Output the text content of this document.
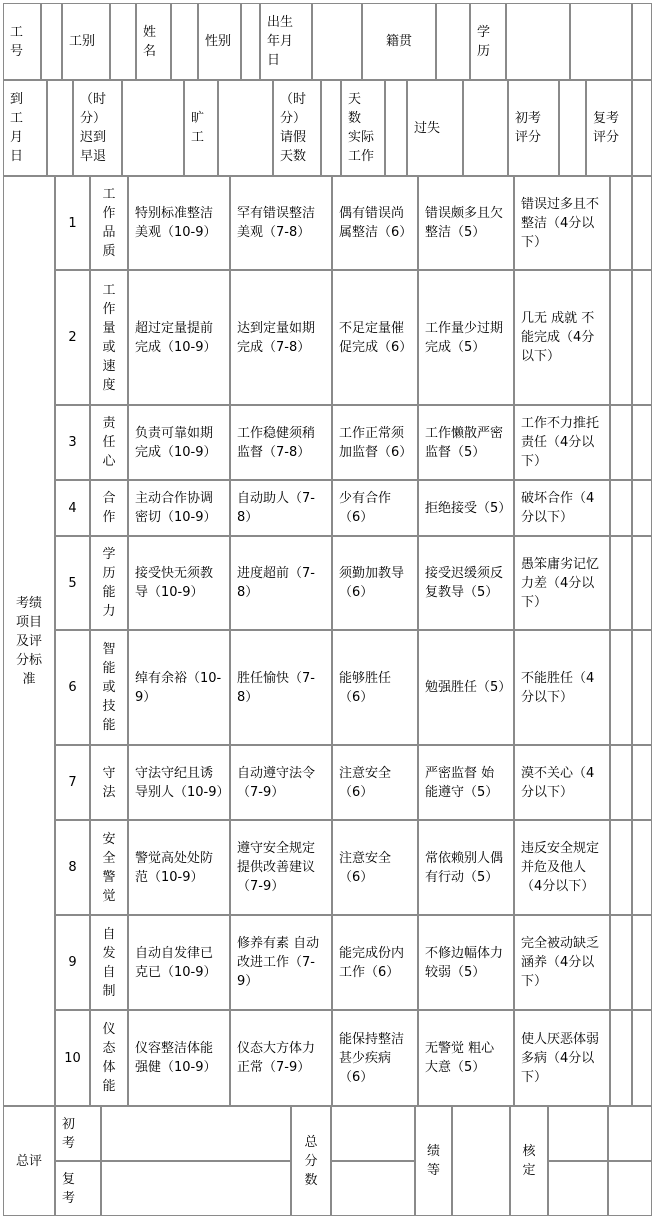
工
号
工别
姓
名
性别
出生
年月
日
籍贯
学
历
到
工
月
日
（时
分）
迟到
早退
旷
工
（时
分）
请假
天数
天
数
实际
工作
过失
初考
评分
复考
评分
考绩
项目
及评
分标
准
1
工
作
品
质
特别标准整洁美观（10-9）
罕有错误整洁美观（7-8）
偶有错误尚属整洁（6）
错误颇多且欠整洁（5）
错误过多且不整洁（4分以下）
2
工
作
量
或
速
度
超过定量提前完成（10-9）
达到定量如期完成（7-8）
不足定量催促完成（6）
工作量少过期完成（5）
几无 成就 不能完成（4分以下）
3
责
任
心
负责可靠如期完成（10-9）
工作稳健须稍监督（7-8）
工作正常须加监督（6）
工作懒散严密监督（5）
工作不力推托责任（4分以下）
4
合
作
主动合作协调密切（10-9）
自动助人（7-8）
少有合作（6）
拒绝接受（5）
破坏合作（4分以下）
5
学
历
能
力
接受快无须教导（10-9）
进度超前（7-8）
须勤加教导（6）
接受迟缓须反复教导（5）
愚笨庸劣记忆力差（4分以下）
6
智
能
或
技
能
绰有余裕（10-9）
胜任愉快（7-8）
能够胜任（6）
勉强胜任（5）
不能胜任（4分以下）
7
守
法
守法守纪且诱导别人（10-9）
自动遵守法令（7-9）
注意安全（6）
严密监督 始能遵守（5）
漠不关心（4分以下）
8
安
全
警
觉
警觉高处处防范（10-9）
遵守安全规定提供改善建议（7-9）
注意安全（6）
常依赖别人偶有行动（5）
违反安全规定并危及他人（4分以下）
9
自
发
自
制
自动自发律已克已（10-9）
修养有素 自动改进工作（7-9）
能完成份内工作（6）
不修边幅体力较弱（5）
完全被动缺乏涵养（4分以下）
10
仪
态
体
能
仪容整洁体能强健（10-9）
仪态大方体力正常（7-9）
能保持整洁甚少疾病（6）
无警觉 粗心大意（5）
使人厌恶体弱多病（4分以下）
总评
初
考
复
考
总
分
数
绩
等
核
定
